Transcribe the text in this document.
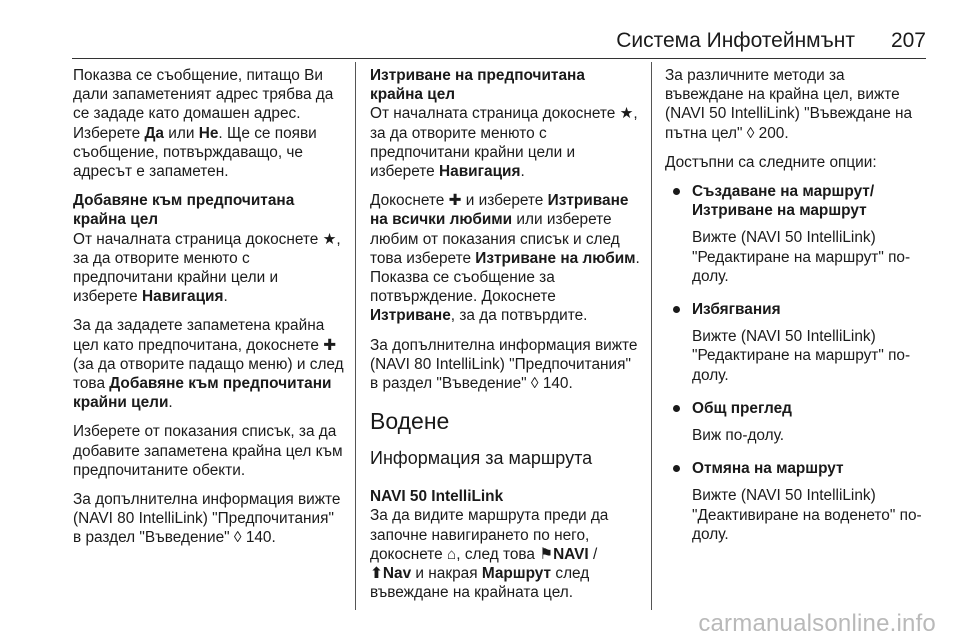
Система Инфотейнмънт 207

Показва се съобщение, питащо Ви дали запаметеният адрес трябва да се зададе като домашен адрес. Изберете Да или Не. Ще се появи съобщение, потвърждаващо, че адресът е запаметен.

Добавяне към предпочитана крайна цел

От началната страница докоснете ★, за да отворите менюто с предпочитани крайни цели и изберете Навигация.

За да зададете запаметена крайна цел като предпочитана, докоснете ✚ (за да отворите падащо меню) и след това Добавяне към предпочитани крайни цели.

Изберете от показания списък, за да добавите запаметена крайна цел към предпочитаните обекти.

За допълнителна информация вижте (NAVI 80 IntelliLink) "Предпочитания" в раздел "Въведение" ◊ 140.

Изтриване на предпочитана крайна цел

От началната страница докоснете ★, за да отворите менюто с предпочитани крайни цели и изберете Навигация.

Докоснете ✚ и изберете Изтриване на всички любими или изберете любим от показания списък и след това изберете Изтриване на любим. Показва се съобщение за потвърждение. Докоснете Изтриване, за да потвърдите.

За допълнителна информация вижте (NAVI 80 IntelliLink) "Предпочитания" в раздел "Въведение" ◊ 140.

Водене
Информация за маршрута

NAVI 50 IntelliLink

За да видите маршрута преди да започне навигирането по него, докоснете ⌂, след това ⚑NAVI / ⬆Nav и накрая Маршрут след въвеждане на крайната цел.

За различните методи за въвеждане на крайна цел, вижте (NAVI 50 IntelliLink) "Въвеждане на пътна цел" ◊ 200.

Достъпни са следните опции:

Създаване на маршрут/ Изтриване на маршрут
Вижте (NAVI 50 IntelliLink) "Редактиране на маршрут" по-долу.
Избягвания
Вижте (NAVI 50 IntelliLink) "Редактиране на маршрут" по-долу.
Общ преглед
Виж по-долу.
Отмяна на маршрут
Вижте (NAVI 50 IntelliLink) "Деактивиране на воденето" по-долу.
carmanualsonline.info
